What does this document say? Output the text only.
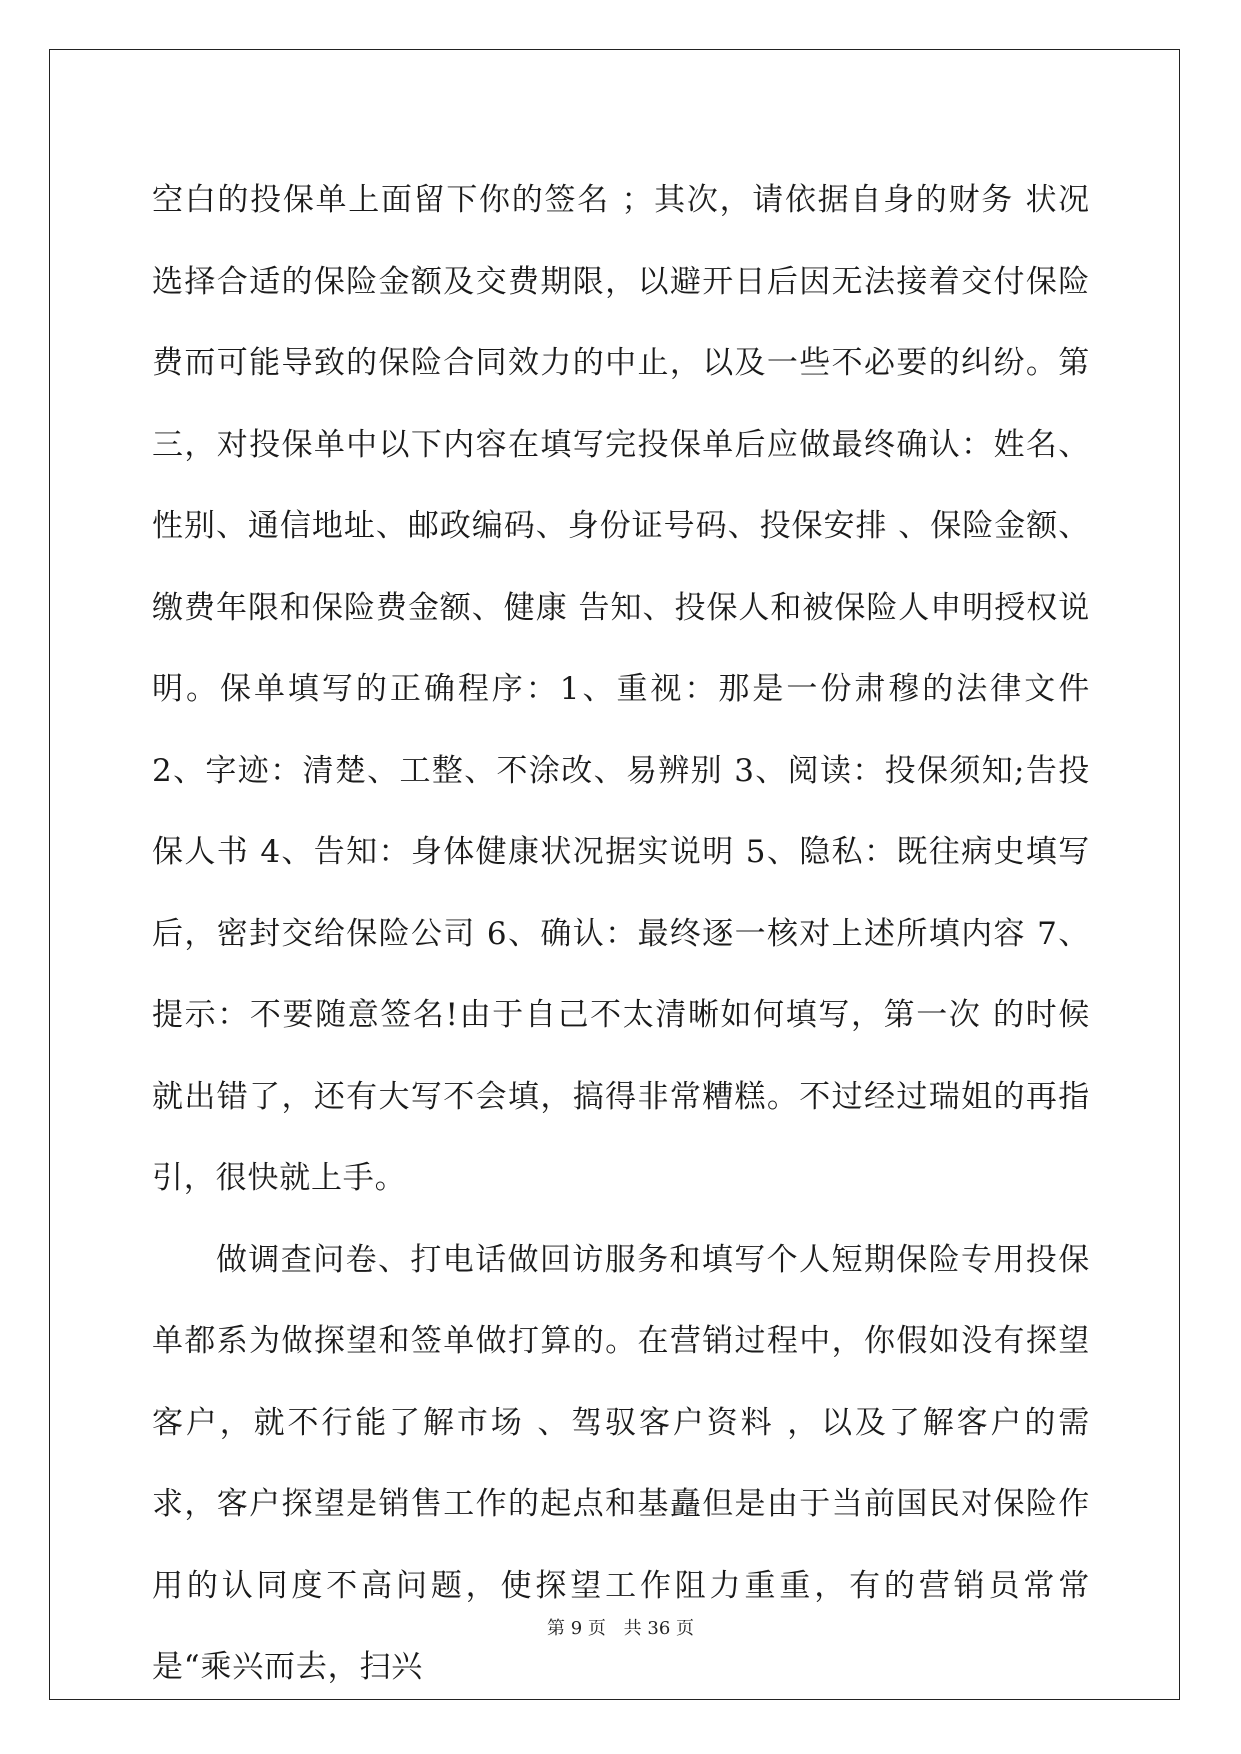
空白的投保单上面留下你的签名 ；其次，请依据自身的财务 状况选择合适的保险金额及交费期限，以避开日后因无法接着交付保险费而可能导致的保险合同效力的中止，以及一些不必要的纠纷。第三，对投保单中以下内容在填写完投保单后应做最终确认：姓名、性别、通信地址、邮政编码、身份证号码、投保安排 、保险金额、缴费年限和保险费金额、健康 告知、投保人和被保险人申明授权说明。保单填写的正确程序：1、重视：那是一份肃穆的法律文件 2、字迹：清楚、工整、不涂改、易辨别 3、阅读：投保须知;告投保人书 4、告知：身体健康状况据实说明 5、隐私：既往病史填写后，密封交给保险公司 6、确认：最终逐一核对上述所填内容 7、提示：不要随意签名!由于自己不太清晰如何填写，第一次 的时候就出错了，还有大写不会填，搞得非常糟糕。不过经过瑞姐的再指引，很快就上手。

做调查问卷、打电话做回访服务和填写个人短期保险专用投保单都系为做探望和签单做打算的。在营销过程中，你假如没有探望客户，就不行能了解市场 、驾驭客户资料 ，以及了解客户的需求，客户探望是销售工作的起点和基矗但是由于当前国民对保险作用的认同度不高问题，使探望工作阻力重重，有的营销员常常是“乘兴而去，扫兴

第 9 页 共 36 页
